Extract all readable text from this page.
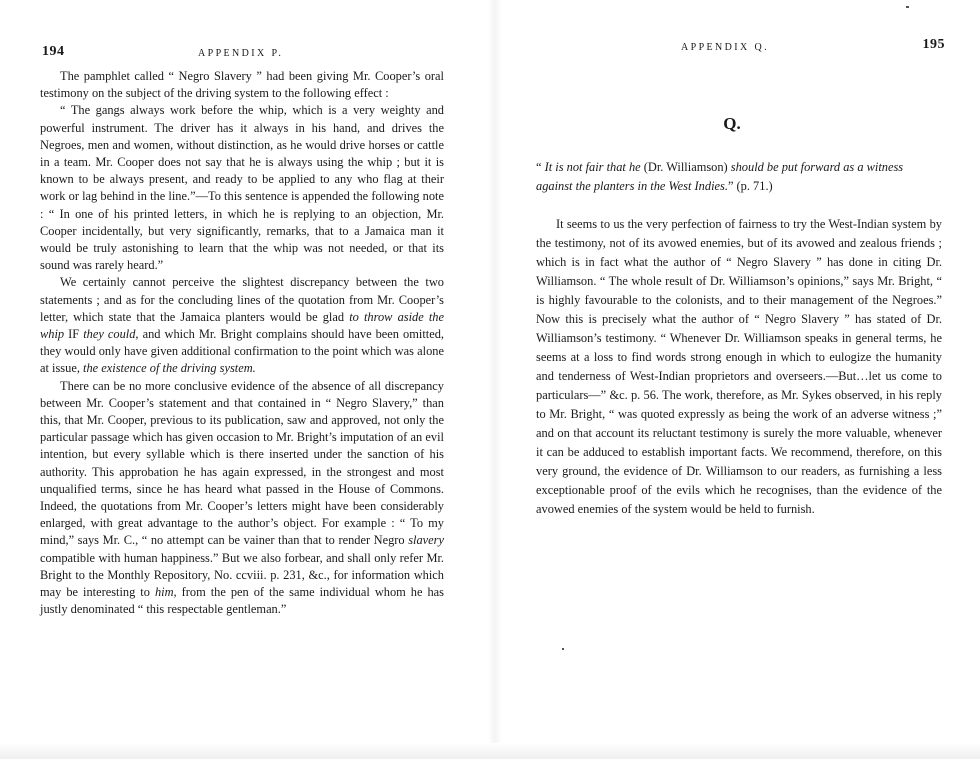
194	APPENDIX P.

The pamphlet called “ Negro Slavery ” had been giving Mr. Cooper’s oral testimony on the subject of the driving system to the following effect :

“ The gangs always work before the whip, which is a very weighty and powerful instrument. The driver has it always in his hand, and drives the Negroes, men and women, without distinction, as he would drive horses or cattle in a team. Mr. Cooper does not say that he is always using the whip ; but it is known to be always present, and ready to be applied to any who flag at their work or lag behind in the line.”—To this sentence is appended the following note : “ In one of his printed letters, in which he is replying to an objection, Mr. Cooper incidentally, but very significantly, remarks, that to a Jamaica man it would be truly astonishing to learn that the whip was not needed, or that its sound was rarely heard.”

We certainly cannot perceive the slightest discrepancy between the two statements ; and as for the concluding lines of the quotation from Mr. Cooper’s letter, which state that the Jamaica planters would be glad to throw aside the whip IF they could, and which Mr. Bright complains should have been omitted, they would only have given additional confirmation to the point which was alone at issue, the existence of the driving system.

There can be no more conclusive evidence of the absence of all discrepancy between Mr. Cooper’s statement and that contained in “ Negro Slavery,” than this, that Mr. Cooper, previous to its publication, saw and approved, not only the particular passage which has given occasion to Mr. Bright’s imputation of an evil intention, but every syllable which is there inserted under the sanction of his authority. This approbation he has again expressed, in the strongest and most unqualified terms, since he has heard what passed in the House of Commons. Indeed, the quotations from Mr. Cooper’s letters might have been considerably enlarged, with great advantage to the author’s object. For example : “ To my mind,” says Mr. C., “ no attempt can be vainer than that to render Negro slavery compatible with human happiness.” But we also forbear, and shall only refer Mr. Bright to the Monthly Repository, No. ccviii. p. 231, &c., for information which may be interesting to him, from the pen of the same individual whom he has justly denominated “ this respectable gentleman.”

APPENDIX Q.	195
Q.

“ It is not fair that he (Dr. Williamson) should be put forward as a witness against the planters in the West Indies.” (p. 71.)

It seems to us the very perfection of fairness to try the West-Indian system by the testimony, not of its avowed enemies, but of its avowed and zealous friends ; which is in fact what the author of “ Negro Slavery ” has done in citing Dr. Williamson. “ The whole result of Dr. Williamson’s opinions,” says Mr. Bright, “ is highly favourable to the colonists, and to their management of the Negroes.” Now this is precisely what the author of “ Negro Slavery ” has stated of Dr. Williamson’s testimony. “ Whenever Dr. Williamson speaks in general terms, he seems at a loss to find words strong enough in which to eulogize the humanity and tenderness of West-Indian proprietors and overseers.—But…let us come to particulars—” &c. p. 56. The work, therefore, as Mr. Sykes observed, in his reply to Mr. Bright, “ was quoted expressly as being the work of an adverse witness ;” and on that account its reluctant testimony is surely the more valuable, whenever it can be adduced to establish important facts. We recommend, therefore, on this very ground, the evidence of Dr. Williamson to our readers, as furnishing a less exceptionable proof of the evils which he recognises, than the evidence of the avowed enemies of the system would be held to furnish.
